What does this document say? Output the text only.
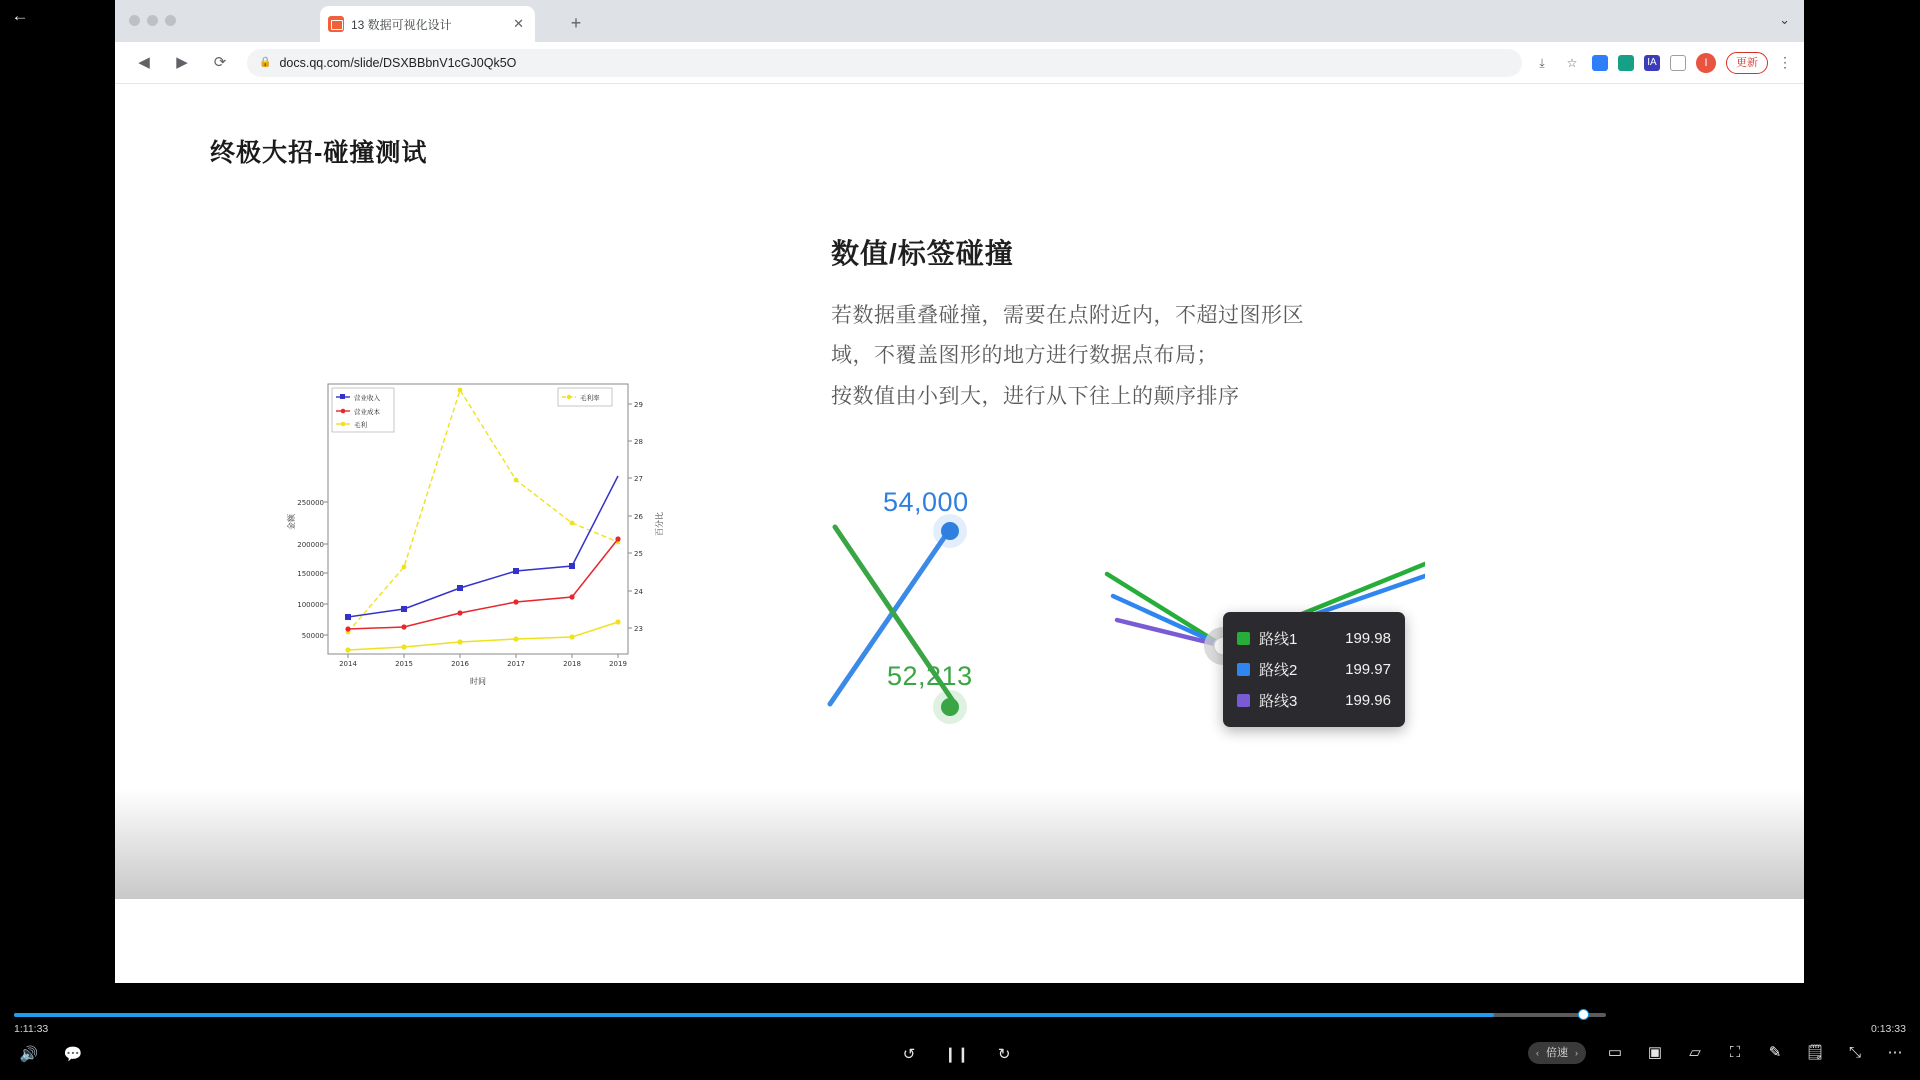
←	13 数据可视化设计	✕	+	⌄
◀	▶	⟳	🔒 docs.qq.com/slide/DSXBBbnV1cGJ0Qk5O	⤓	☆	IA	I	更新	⋮
终极大招-碰撞测试
250000
200000
150000
100000
50000
29
28
27
26
25
24
23
2014	2015	2016	2017	2018	2019
金额	百分比
时间
营业收入
营业成本
毛利
毛利率
数值/标签碰撞
若数据重叠碰撞，需要在点附近内，不超过图形区
域，不覆盖图形的地方进行数据点布局；
按数值由小到大，进行从下往上的颠序排序
54,000
52,213
路线1	199.98
路线2	199.97
路线3	199.96
1:11:33	0:13:33
🔊 💬	↺	❙❙	↻	‹ 倍速 › ▭ ▣	▱	⛶	✎	🗒	⤡	⋯
